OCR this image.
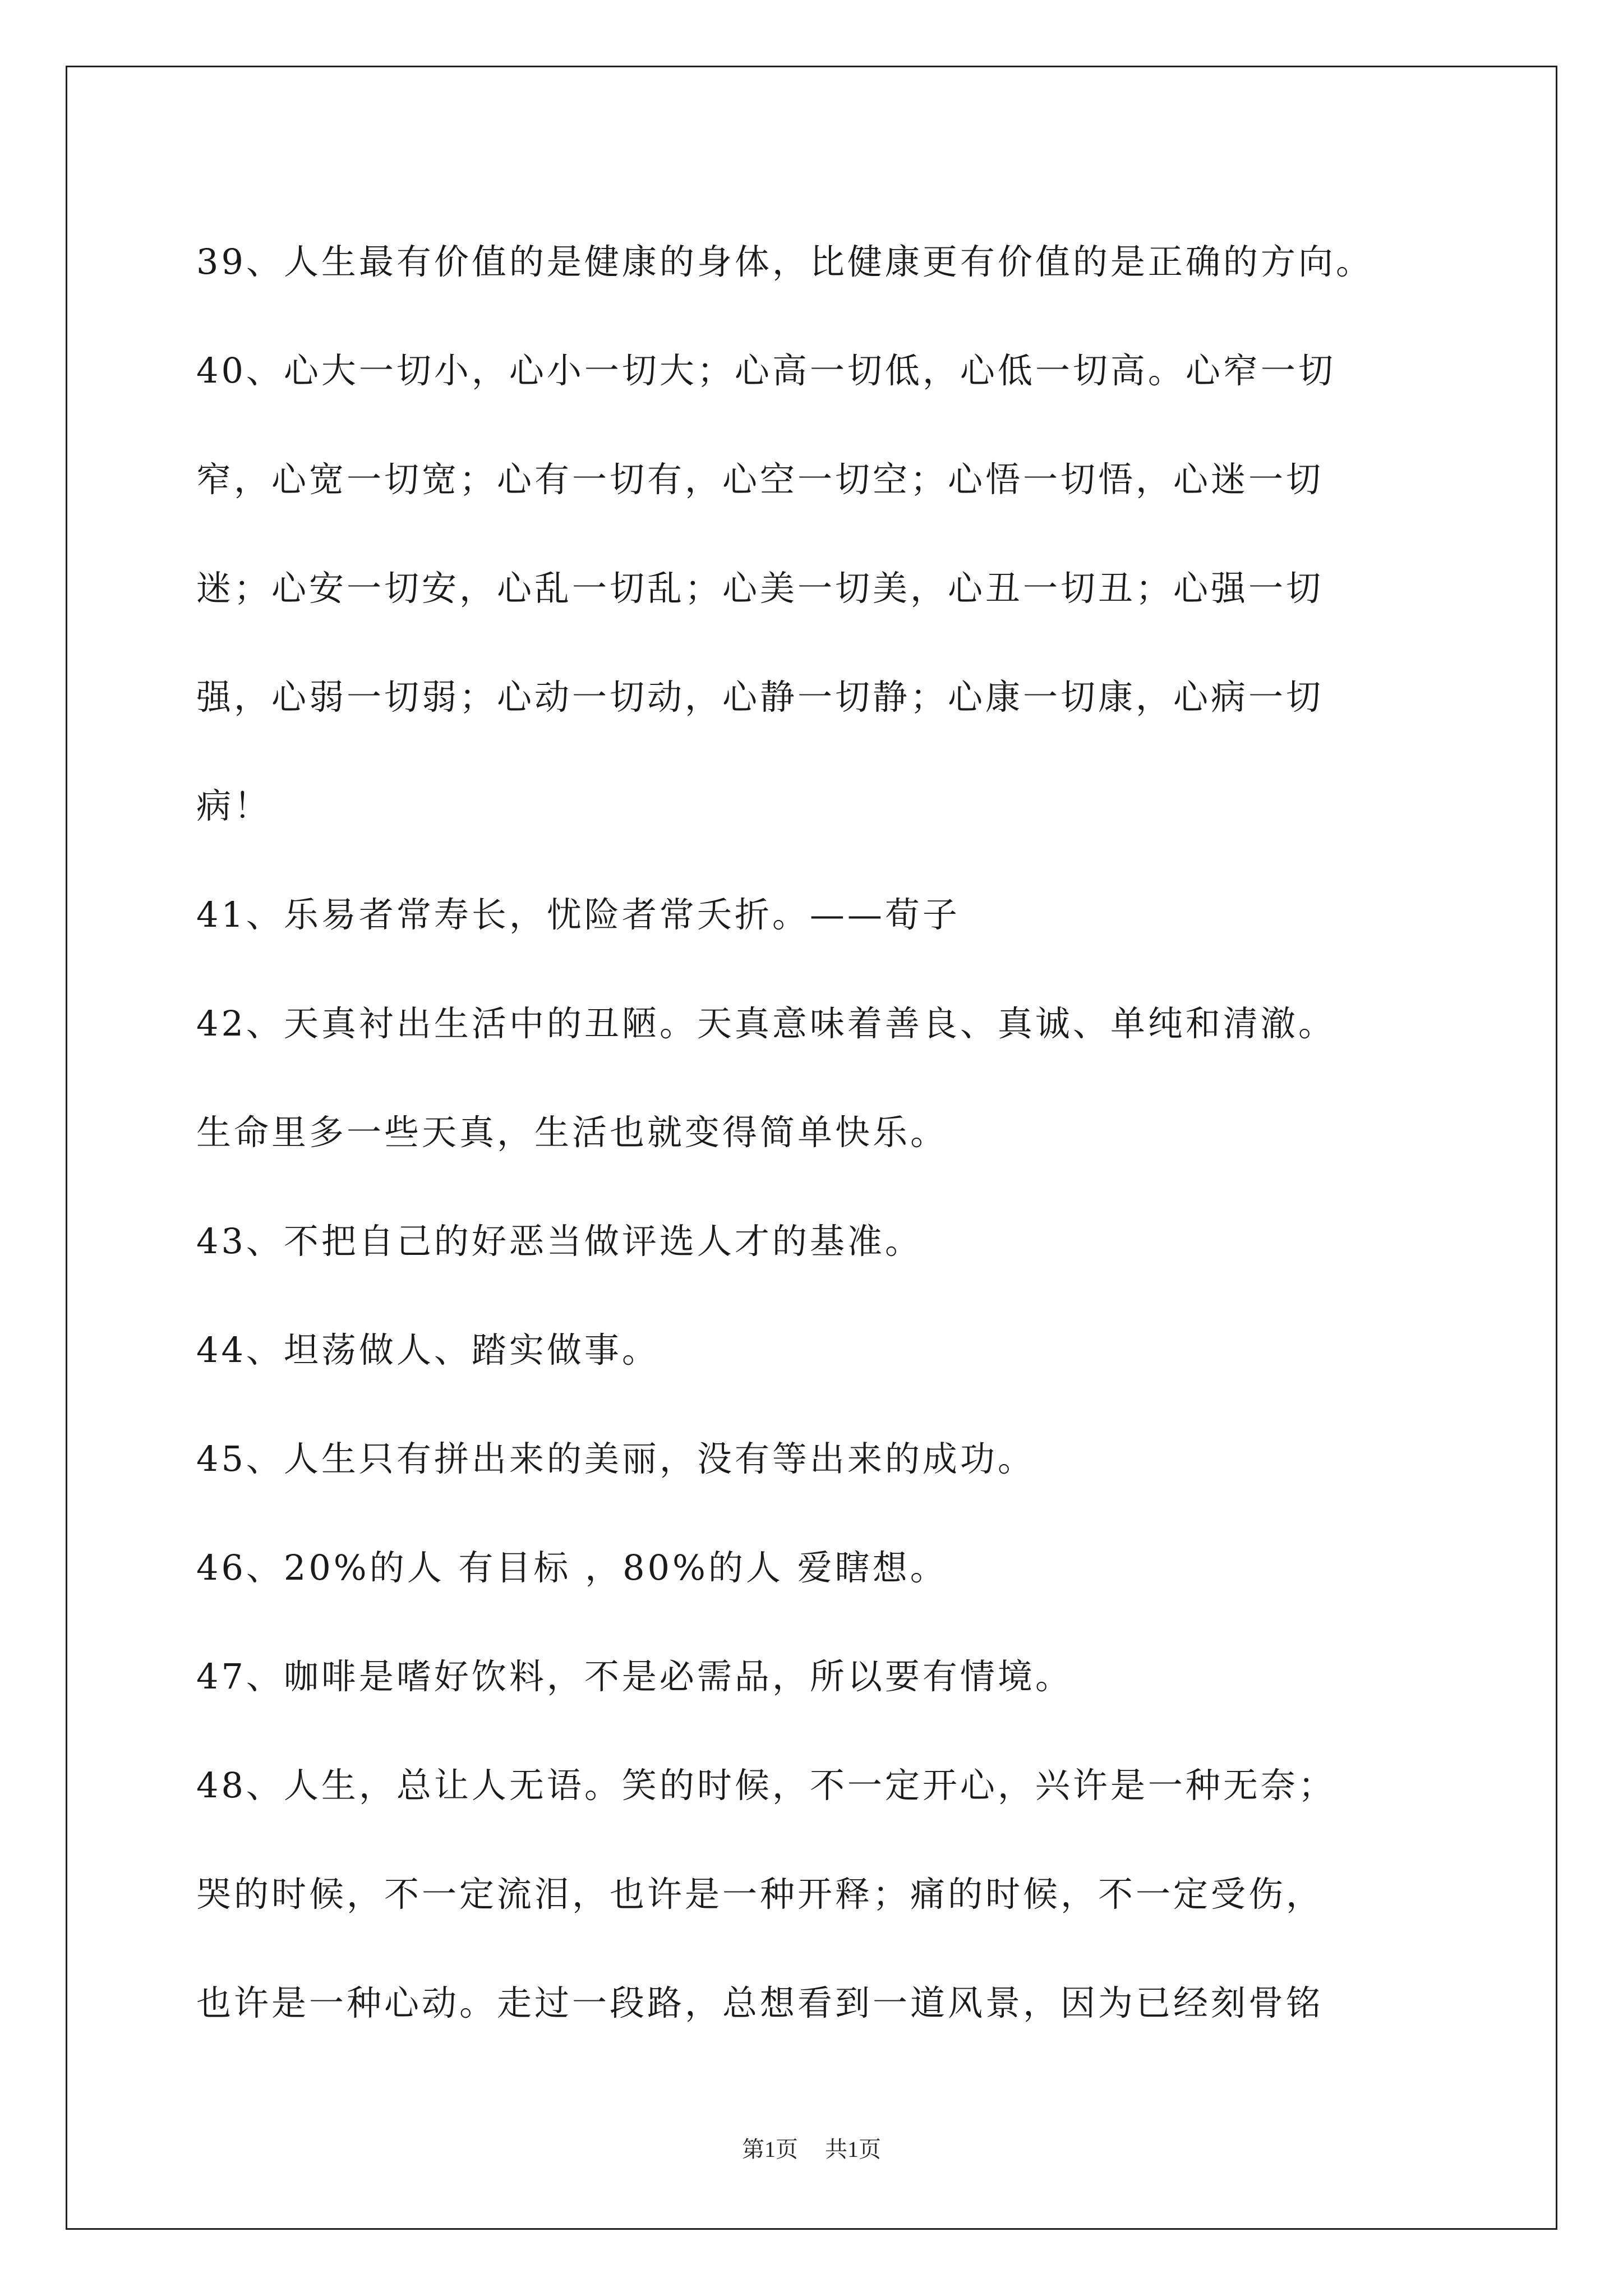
39、人生最有价值的是健康的身体，比健康更有价值的是正确的方向。
40、心大一切小，心小一切大；心高一切低，心低一切高。心窄一切
窄，心宽一切宽；心有一切有，心空一切空；心悟一切悟，心迷一切
迷；心安一切安，心乱一切乱；心美一切美，心丑一切丑；心强一切
强，心弱一切弱；心动一切动，心静一切静；心康一切康，心病一切
病！
41、乐易者常寿长，忧险者常夭折。——荀子
42、天真衬出生活中的丑陋。天真意味着善良、真诚、单纯和清澈。
生命里多一些天真，生活也就变得简单快乐。
43、不把自己的好恶当做评选人才的基准。
44、坦荡做人、踏实做事。
45、人生只有拼出来的美丽，没有等出来的成功。
46、20%的人 有目标 ，80%的人 爱瞎想。
47、咖啡是嗜好饮料，不是必需品，所以要有情境。
48、人生，总让人无语。笑的时候，不一定开心，兴许是一种无奈；
哭的时候，不一定流泪，也许是一种开释；痛的时候，不一定受伤，
也许是一种心动。走过一段路，总想看到一道风景，因为已经刻骨铭
第1页 共1页
